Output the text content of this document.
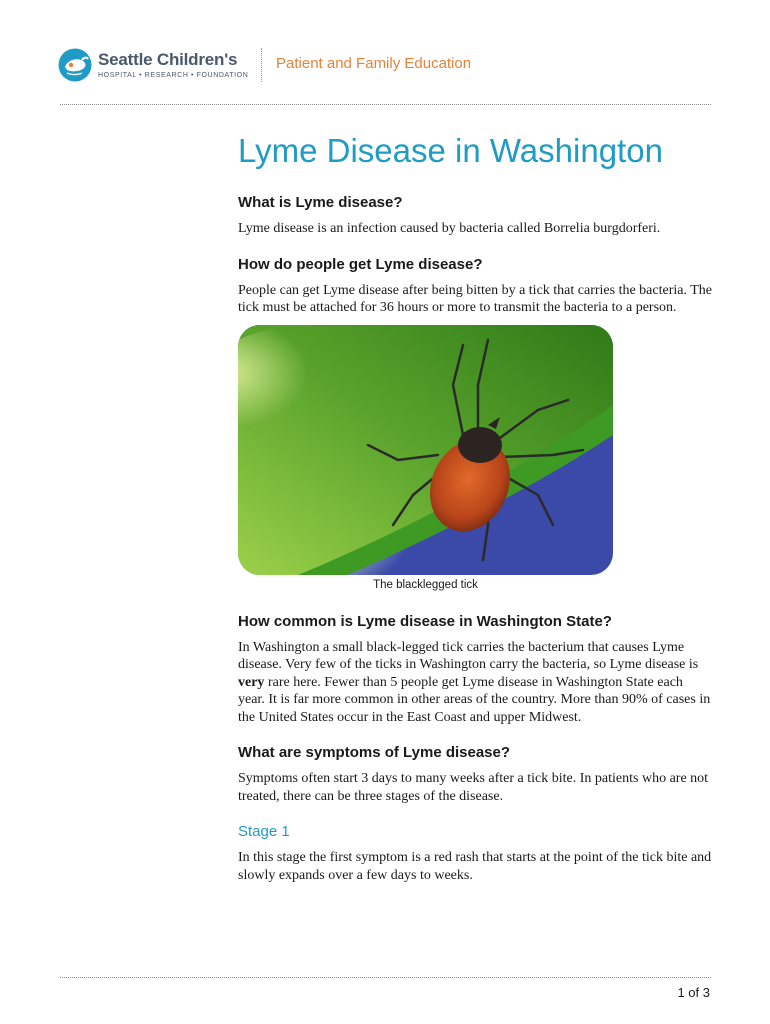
Seattle Children's
HOSPITAL • RESEARCH • FOUNDATION
Patient and Family Education
Lyme Disease in Washington
What is Lyme disease?

Lyme disease is an infection caused by bacteria called Borrelia burgdorferi.

How do people get Lyme disease?

People can get Lyme disease after being bitten by a tick that carries the bacteria. The tick must be attached for 36 hours or more to transmit the bacteria to a person.

The blacklegged tick
How common is Lyme disease in Washington State?

In Washington a small black-legged tick carries the bacterium that causes Lyme disease. Very few of the ticks in Washington carry the bacteria, so Lyme disease is very rare here. Fewer than 5 people get Lyme disease in Washington State each year. It is far more common in other areas of the country. More than 90% of cases in the United States occur in the East Coast and upper Midwest.

What are symptoms of Lyme disease?

Symptoms often start 3 days to many weeks after a tick bite. In patients who are not treated, there can be three stages of the disease.

Stage 1

In this stage the first symptom is a red rash that starts at the point of the tick bite and slowly expands over a few days to weeks.

1 of 3
